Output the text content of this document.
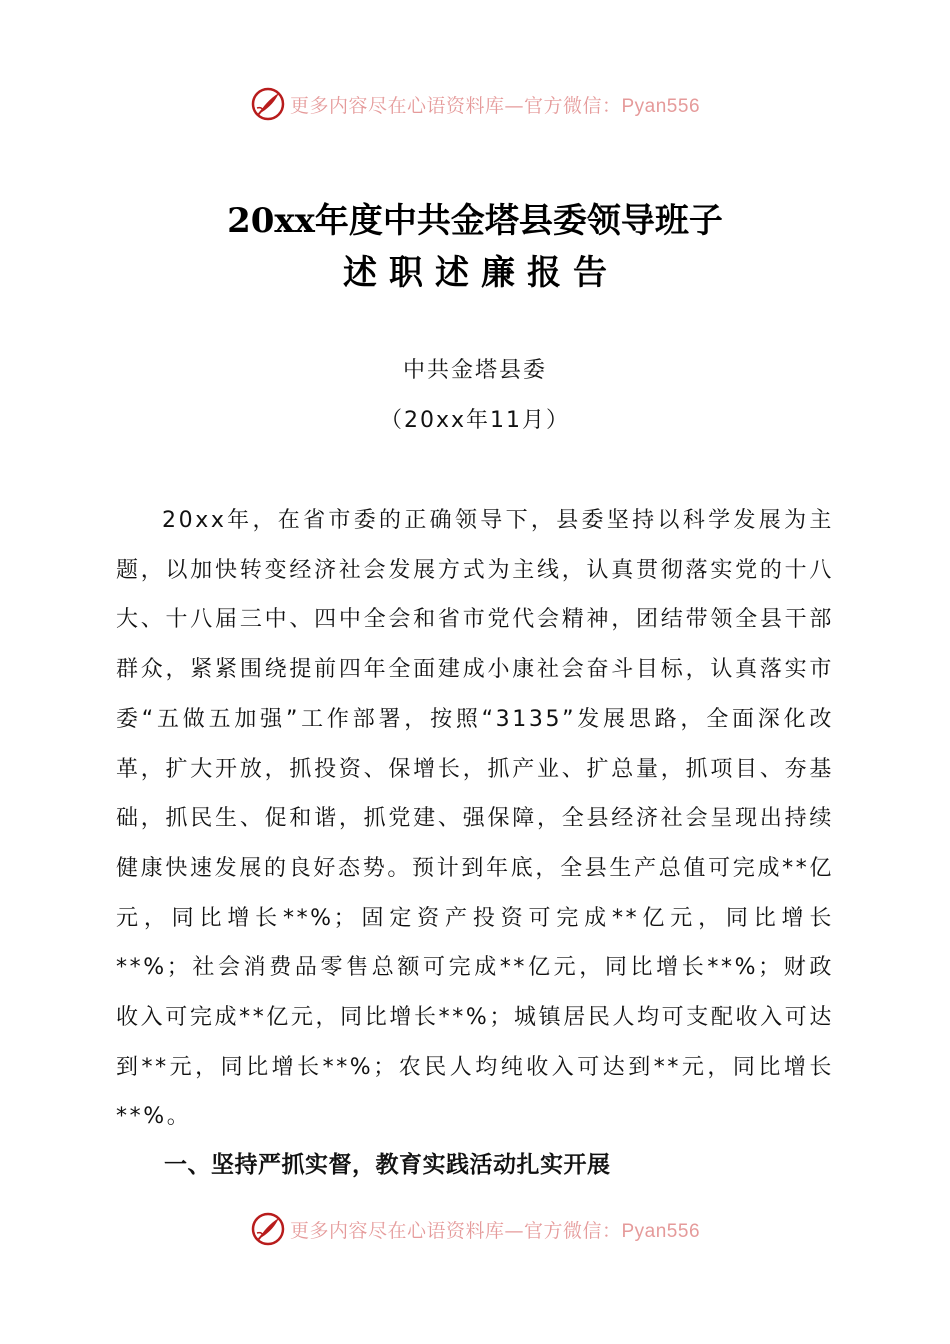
更多内容尽在心语资料库—官方微信：Pyan556
20xx年度中共金塔县委领导班子
述职述廉报告
中共金塔县委
（20xx年11月）

20xx年，在省市委的正确领导下，县委坚持以科学发展为主题，以加快转变经济社会发展方式为主线，认真贯彻落实党的十八大、十八届三中、四中全会和省市党代会精神，团结带领全县干部群众，紧紧围绕提前四年全面建成小康社会奋斗目标，认真落实市委“五做五加强”工作部署，按照“3135”发展思路，全面深化改革，扩大开放，抓投资、保增长，抓产业、扩总量，抓项目、夯基础，抓民生、促和谐，抓党建、强保障，全县经济社会呈现出持续健康快速发展的良好态势。预计到年底，全县生产总值可完成**亿元，同比增长**%；固定资产投资可完成**亿元，同比增长**%；社会消费品零售总额可完成**亿元，同比增长**%；财政收入可完成**亿元，同比增长**%；城镇居民人均可支配收入可达到**元，同比增长**%；农民人均纯收入可达到**元，同比增长**%。

一、坚持严抓实督，教育实践活动扎实开展
更多内容尽在心语资料库—官方微信：Pyan556
